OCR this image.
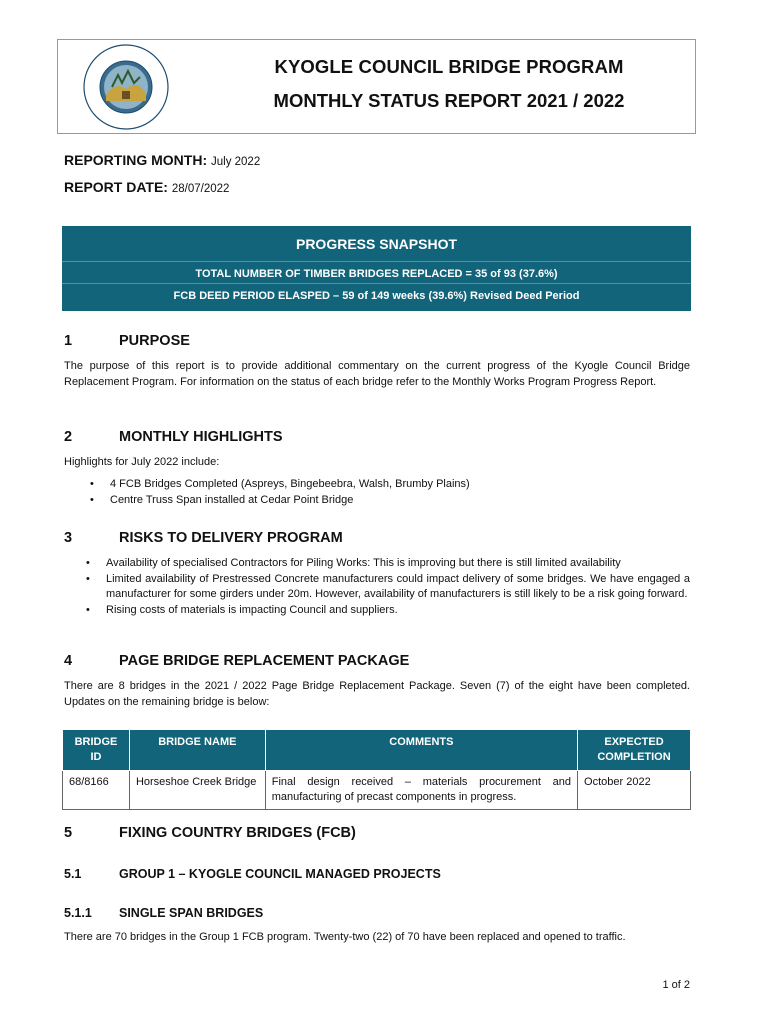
KYOGLE COUNCIL BRIDGE PROGRAM
MONTHLY STATUS REPORT 2021 / 2022
REPORTING MONTH: July 2022
REPORT DATE: 28/07/2022
PROGRESS SNAPSHOT
TOTAL NUMBER OF TIMBER BRIDGES REPLACED = 35 of 93 (37.6%)
FCB DEED PERIOD ELASPED – 59 of 149 weeks (39.6%) Revised Deed Period
1	PURPOSE
The purpose of this report is to provide additional commentary on the current progress of the Kyogle Council Bridge Replacement Program. For information on the status of each bridge refer to the Monthly Works Program Progress Report.
2	MONTHLY HIGHLIGHTS
Highlights for July 2022 include:
• 4 FCB Bridges Completed (Aspreys, Bingebeebra, Walsh, Brumby Plains)
• Centre Truss Span installed at Cedar Point Bridge
3	RISKS TO DELIVERY PROGRAM
• Availability of specialised Contractors for Piling Works: This is improving but there is still limited availability
• Limited availability of Prestressed Concrete manufacturers could impact delivery of some bridges. We have engaged a manufacturer for some girders under 20m. However, availability of manufacturers is still likely to be a risk going forward.
• Rising costs of materials is impacting Council and suppliers.
4	PAGE BRIDGE REPLACEMENT PACKAGE
There are 8 bridges in the 2021 / 2022 Page Bridge Replacement Package. Seven (7) of the eight have been completed. Updates on the remaining bridge is below:
BRIDGE ID	BRIDGE NAME	COMMENTS	EXPECTED COMPLETION
68/8166	Horseshoe Creek Bridge	Final design received – materials procurement and manufacturing of precast components in progress.	October 2022
5	FIXING COUNTRY BRIDGES (FCB)
5.1	GROUP 1 – KYOGLE COUNCIL MANAGED PROJECTS
5.1.1 SINGLE SPAN BRIDGES
There are 70 bridges in the Group 1 FCB program. Twenty-two (22) of 70 have been replaced and opened to traffic.
1 of 2
